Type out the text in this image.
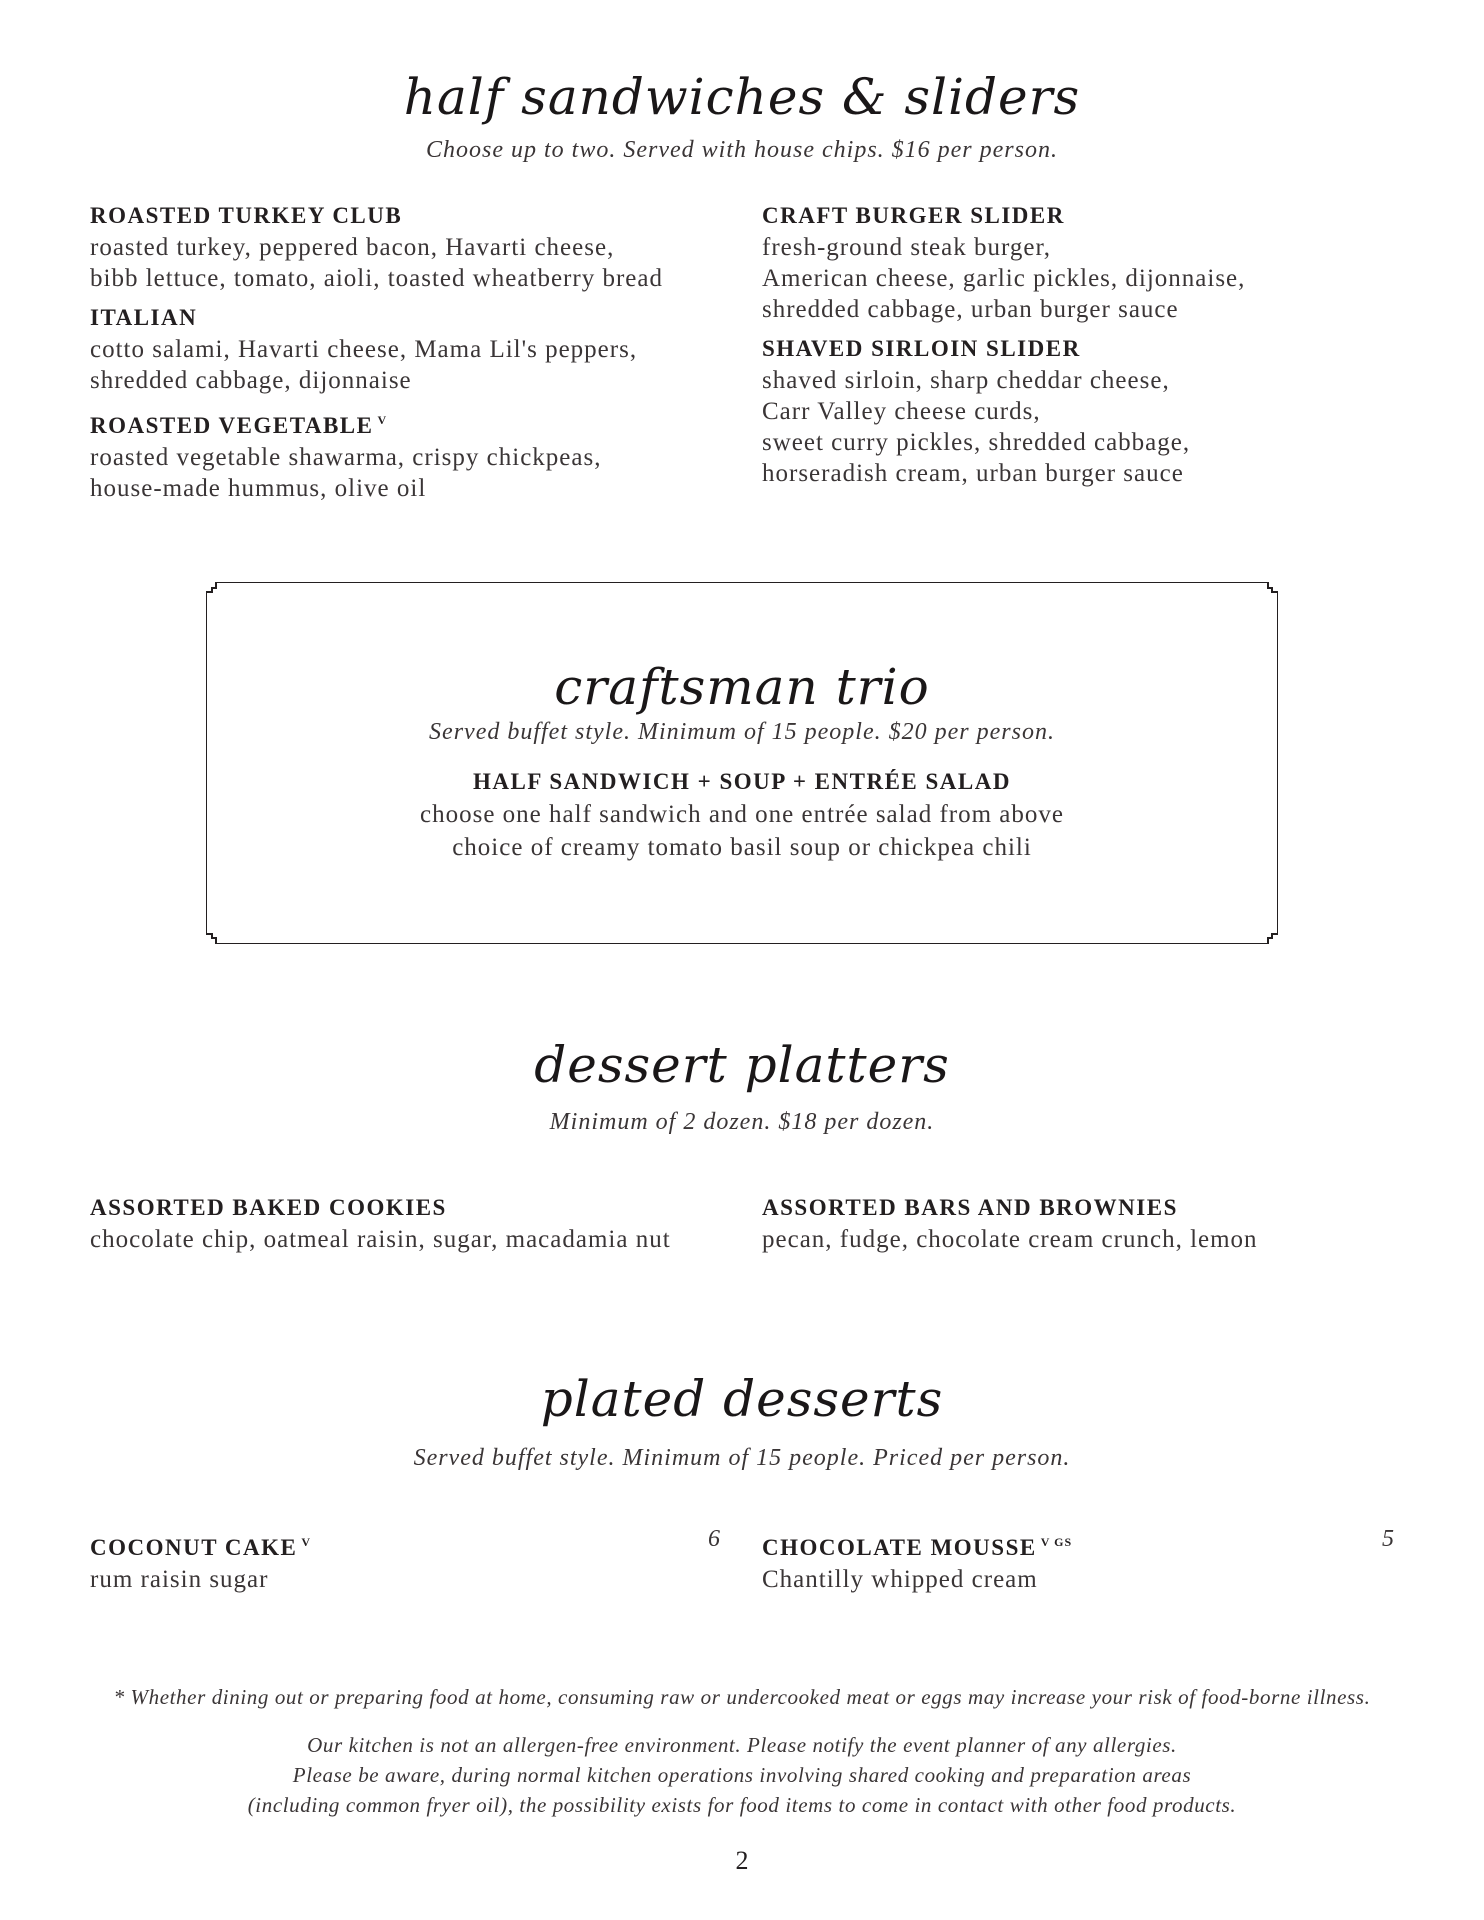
half sandwiches & sliders
Choose up to two. Served with house chips. $16 per person.
ROASTED TURKEY CLUB
roasted turkey, peppered bacon, Havarti cheese,
bibb lettuce, tomato, aioli, toasted wheatberry bread
ITALIAN
cotto salami, Havarti cheese, Mama Lil's peppers,
shredded cabbage, dijonnaise
ROASTED VEGETABLE $^V$
roasted vegetable shawarma, crispy chickpeas,
house-made hummus, olive oil
CRAFT BURGER SLIDER
fresh-ground steak burger,
American cheese, garlic pickles, dijonnaise,
shredded cabbage, urban burger sauce
SHAVED SIRLOIN SLIDER
shaved sirloin, sharp cheddar cheese,
Carr Valley cheese curds,
sweet curry pickles, shredded cabbage,
horseradish cream, urban burger sauce
craftsman trio
Served buffet style. Minimum of 15 people. $20 per person.
HALF SANDWICH + SOUP + ENTRÉE SALAD
choose one half sandwich and one entrée salad from above
choice of creamy tomato basil soup or chickpea chili
dessert platters
Minimum of 2 dozen. $18 per dozen.
ASSORTED BAKED COOKIES
chocolate chip, oatmeal raisin, sugar, macadamia nut
ASSORTED BARS AND BROWNIES
pecan, fudge, chocolate cream crunch, lemon
plated desserts
Served buffet style. Minimum of 15 people. Priced per person.
COCONUT CAKE $^V$
rum raisin sugar
6 CHOCOLATE MOUSSE $^{V GS}$
Chantilly whipped cream
5
* Whether dining out or preparing food at home, consuming raw or undercooked meat or eggs may increase your risk of food-borne illness.
Our kitchen is not an allergen-free environment. Please notify the event planner of any allergies.
Please be aware, during normal kitchen operations involving shared cooking and preparation areas
(including common fryer oil), the possibility exists for food items to come in contact with other food products.
2
